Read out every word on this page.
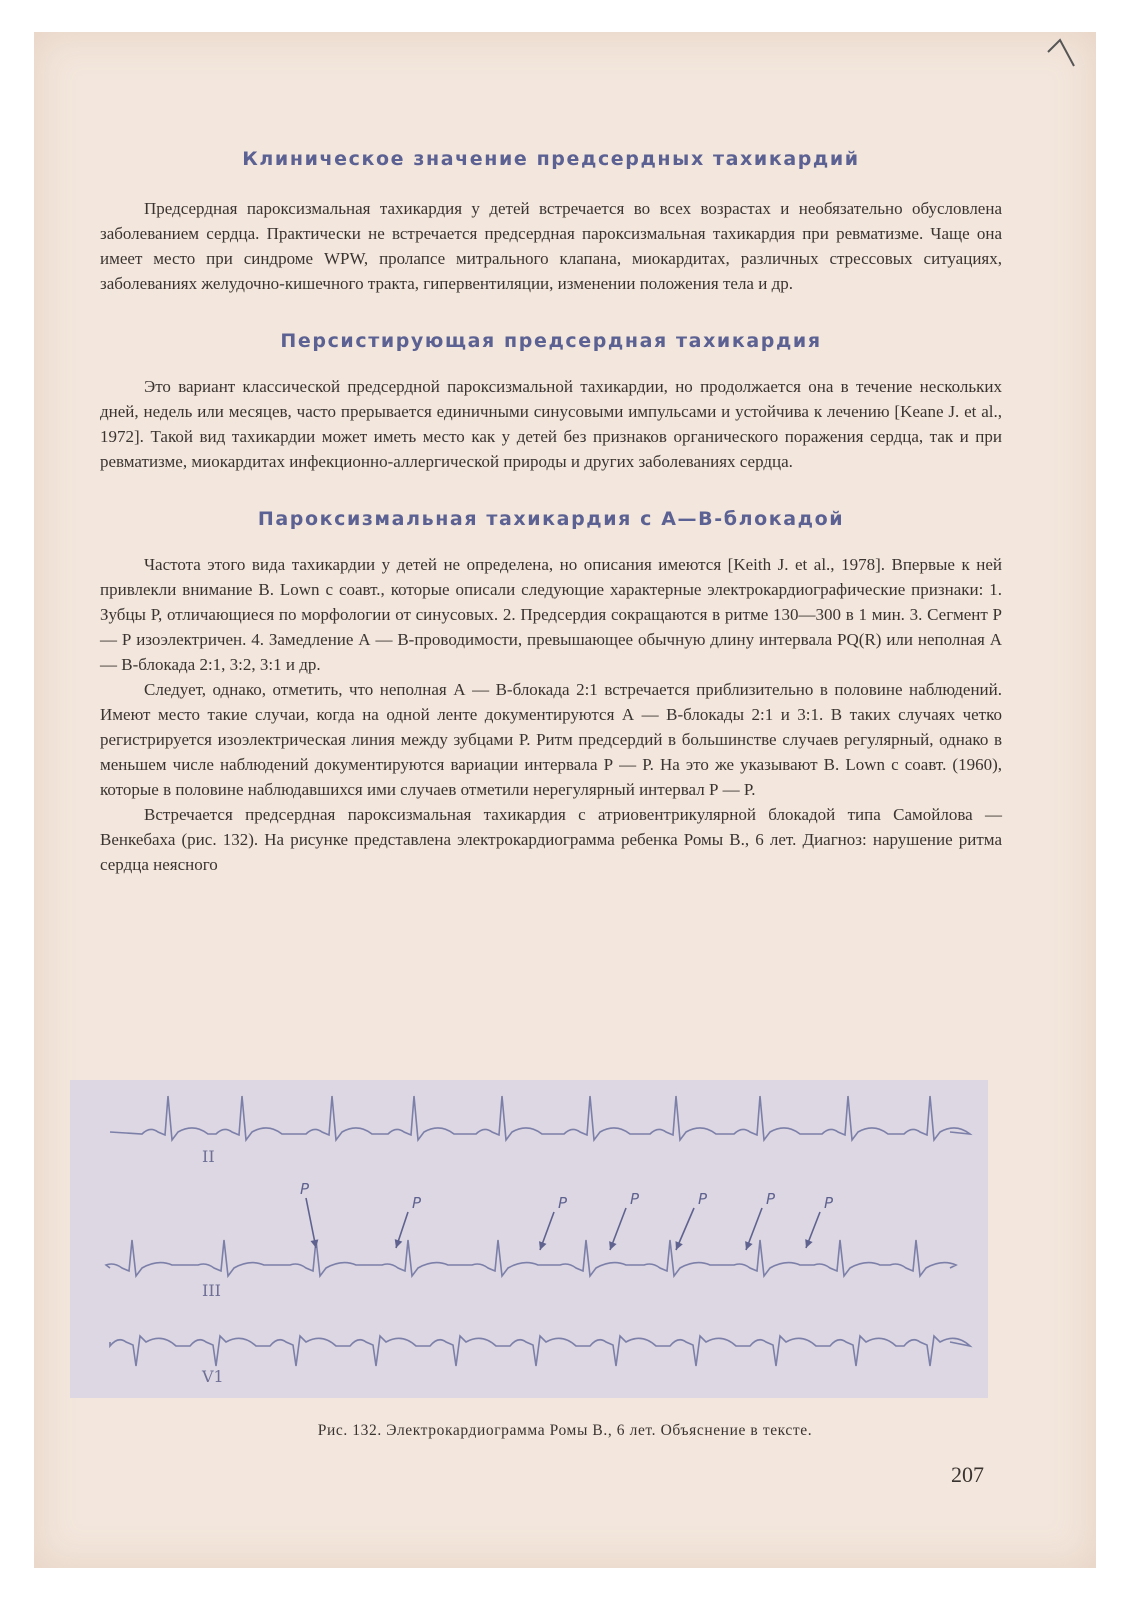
Клиническое значение предсердных тахикардий

Предсердная пароксизмальная тахикардия у детей встречается во всех возрастах и необязательно обусловлена заболеванием сердца. Практически не встречается предсердная пароксизмальная тахикардия при ревматизме. Чаще она имеет место при синдроме WPW, пролапсе митрального клапана, миокардитах, различных стрессовых ситуациях, заболеваниях желудочно-кишечного тракта, гипервентиляции, изменении положения тела и др.

Персистирующая предсердная тахикардия

Это вариант классической предсердной пароксизмальной тахикардии, но продолжается она в течение нескольких дней, недель или месяцев, часто прерывается единичными синусовыми импульсами и устойчива к лечению [Keane J. et al., 1972]. Такой вид тахикардии может иметь место как у детей без признаков органического поражения сердца, так и при ревматизме, миокардитах инфекционно-аллергической природы и других заболеваниях сердца.

Пароксизмальная тахикардия с А—В-блокадой

Частота этого вида тахикардии у детей не определена, но описания имеются [Keith J. et al., 1978]. Впервые к ней привлекли внимание B. Lown с соавт., которые описали следующие характерные электрокардиографические признаки: 1. Зубцы Р, отличающиеся по морфологии от синусовых. 2. Предсердия сокращаются в ритме 130—300 в 1 мин. 3. Сегмент Р — Р изоэлектричен. 4. Замедление А — В-проводимости, превышающее обычную длину интервала PQ(R) или неполная А — В-блокада 2:1, 3:2, 3:1 и др.

Следует, однако, отметить, что неполная А — В-блокада 2:1 встречается приблизительно в половине наблюдений. Имеют место такие случаи, когда на одной ленте документируются А — В-блокады 2:1 и 3:1. В таких случаях четко регистрируется изоэлектрическая линия между зубцами Р. Ритм предсердий в большинстве случаев регулярный, однако в меньшем числе наблюдений документируются вариации интервала Р — Р. На это же указывают B. Lown с соавт. (1960), которые в половине наблюдавшихся ими случаев отметили нерегулярный интервал Р — Р.

Встречается предсердная пароксизмальная тахикардия с атриовентрикулярной блокадой типа Самойлова — Венкебаха (рис. 132). На рисунке представлена электрокардиограмма ребенка Ромы В., 6 лет. Диагноз: нарушение ритма сердца неясного

II
III
V1
P
P	P	P	P	P	P
Рис. 132. Электрокардиограмма Ромы В., 6 лет. Объяснение в тексте.
207
